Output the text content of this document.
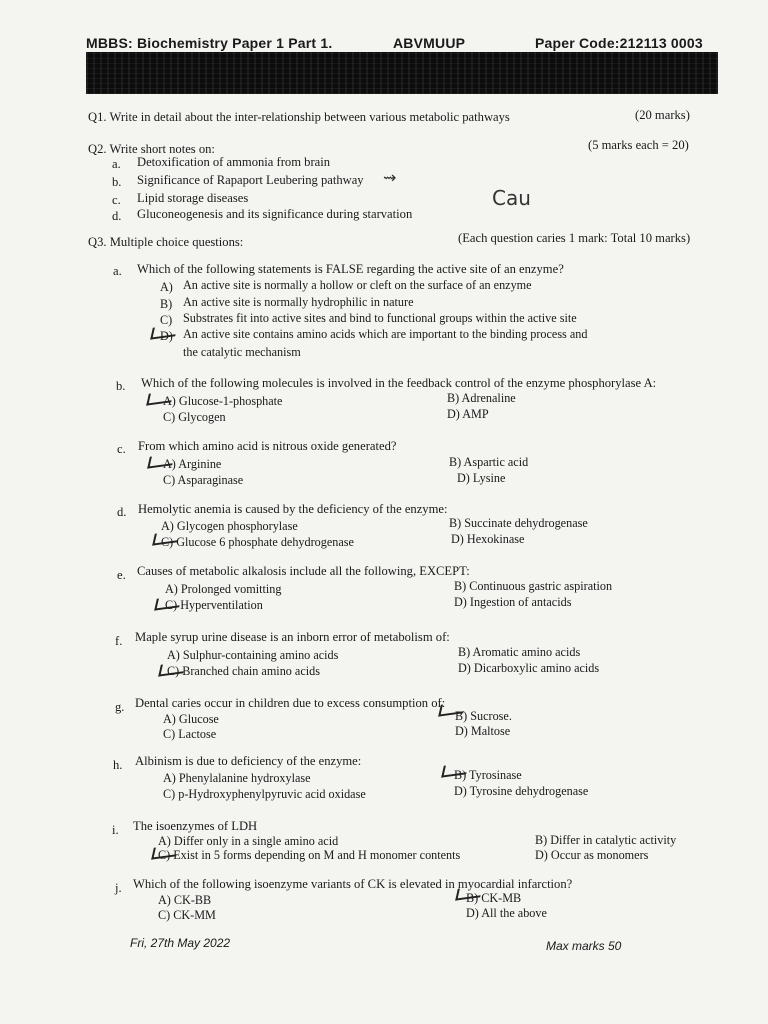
MBBS: Biochemistry Paper 1 Part 1.	ABVMUUP	Paper Code:212113 0003
Q1. Write in detail about the inter-relationship between various metabolic pathways	(20 marks)
Q2. Write short notes on:	(5 marks each = 20)
a. Detoxification of ammonia from brain
b. Significance of Rapaport Leubering pathway ⇝
c. Lipid storage diseases
d. Gluconeogenesis and its significance during starvation
Cau
Q3. Multiple choice questions:	(Each question caries 1 mark: Total 10 marks)
a. Which of the following statements is FALSE regarding the active site of an enzyme?
A) An active site is normally a hollow or cleft on the surface of an enzyme
B) An active site is normally hydrophilic in nature
C) Substrates fit into active sites and bind to functional groups within the active site
D) An active site contains amino acids which are important to the binding process and
the catalytic mechanism
b. Which of the following molecules is involved in the feedback control of the enzyme phosphorylase A:
A) Glucose-1-phosphate	B) Adrenaline
C) Glycogen	D) AMP
c. From which amino acid is nitrous oxide generated?
A) Arginine	B) Aspartic acid
C) Asparaginase	D) Lysine
d. Hemolytic anemia is caused by the deficiency of the enzyme:
A) Glycogen phosphorylase	B) Succinate dehydrogenase
C) Glucose 6 phosphate dehydrogenase	D) Hexokinase
e. Causes of metabolic alkalosis include all the following, EXCEPT:
A) Prolonged vomitting	B) Continuous gastric aspiration
C) Hyperventilation	D) Ingestion of antacids
f. Maple syrup urine disease is an inborn error of metabolism of:
A) Sulphur-containing amino acids	B) Aromatic amino acids
C) Branched chain amino acids	D) Dicarboxylic amino acids
g. Dental caries occur in children due to excess consumption of:
A) Glucose	B) Sucrose.
C) Lactose	D) Maltose
h. Albinism is due to deficiency of the enzyme:
A) Phenylalanine hydroxylase	B) Tyrosinase
C) p-Hydroxyphenylpyruvic acid oxidase	D) Tyrosine dehydrogenase
i. The isoenzymes of LDH
A) Differ only in a single amino acid	B) Differ in catalytic activity
C) Exist in 5 forms depending on M and H monomer contents	D) Occur as monomers
j. Which of the following isoenzyme variants of CK is elevated in myocardial infarction?
A) CK-BB	B) CK-MB
C) CK-MM	D) All the above
Fri, 27th May 2022	Max marks 50
